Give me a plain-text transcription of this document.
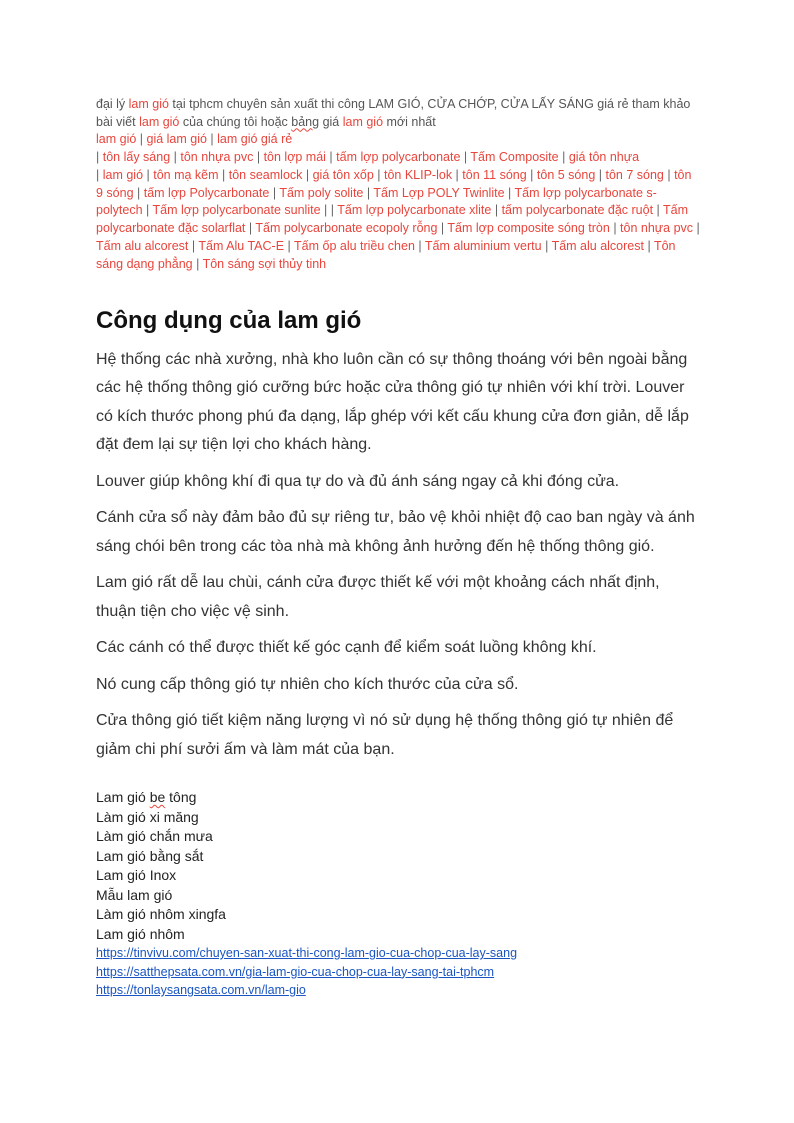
đại lý lam gió tại tphcm chuyên sản xuất thi công LAM GIÓ, CỬA CHỚP, CỬA LẤY SÁNG giá rẻ tham khảo bài viết lam gió của chúng tôi hoặc bảng giá lam gió mới nhất
lam gió | giá lam gió | lam gió giá rẻ
| tôn lấy sáng | tôn nhựa pvc | tôn lợp mái | tấm lợp polycarbonate | Tấm Composite | giá tôn nhựa
| lam gió | tôn mạ kẽm | tôn seamlock | giá tôn xốp | tôn KLIP-lok | tôn 11 sóng | tôn 5 sóng | tôn 7 sóng | tôn 9 sóng | tấm lợp Polycarbonate | Tấm poly solite | Tấm Lợp POLY Twinlite | Tấm lợp polycarbonate s-polytech | Tấm lợp polycarbonate sunlite | | Tấm lợp polycarbonate xlite | tấm polycarbonate đặc ruột | Tấm polycarbonate đặc solarflat | Tấm polycarbonate ecopoly rỗng | Tấm lợp composite sóng tròn | tôn nhựa pvc | Tấm alu alcorest | Tấm Alu TAC-E | Tấm ốp alu triều chen | Tấm aluminium vertu | Tấm alu alcorest | Tôn sáng dạng phẳng | Tôn sáng sợi thủy tinh
Công dụng của lam gió

Hệ thống các nhà xưởng, nhà kho luôn cần có sự thông thoáng với bên ngoài bằng các hệ thống thông gió cưỡng bức hoặc cửa thông gió tự nhiên với khí trời. Louver có kích thước phong phú đa dạng, lắp ghép với kết cấu khung cửa đơn giản, dễ lắp đặt đem lại sự tiện lợi cho khách hàng.

Louver giúp không khí đi qua tự do và đủ ánh sáng ngay cả khi đóng cửa.

Cánh cửa sổ này đảm bảo đủ sự riêng tư, bảo vệ khỏi nhiệt độ cao ban ngày và ánh sáng chói bên trong các tòa nhà mà không ảnh hưởng đến hệ thống thông gió.

Lam gió rất dễ lau chùi, cánh cửa được thiết kế với một khoảng cách nhất định, thuận tiện cho việc vệ sinh.

Các cánh có thể được thiết kế góc cạnh để kiểm soát luồng không khí.

Nó cung cấp thông gió tự nhiên cho kích thước của cửa sổ.

Cửa thông gió tiết kiệm năng lượng vì nó sử dụng hệ thống thông gió tự nhiên để giảm chi phí sưởi ấm và làm mát của bạn.

Lam gió be tông
Làm gió xi măng
Làm gió chắn mưa
Lam gió bằng sắt
Lam gió Inox
Mẫu lam gió
Làm gió nhôm xingfa
Lam gió nhôm
https://tinvivu.com/chuyen-san-xuat-thi-cong-lam-gio-cua-chop-cua-lay-sang
https://satthepsata.com.vn/gia-lam-gio-cua-chop-cua-lay-sang-tai-tphcm
https://tonlaysangsata.com.vn/lam-gio
